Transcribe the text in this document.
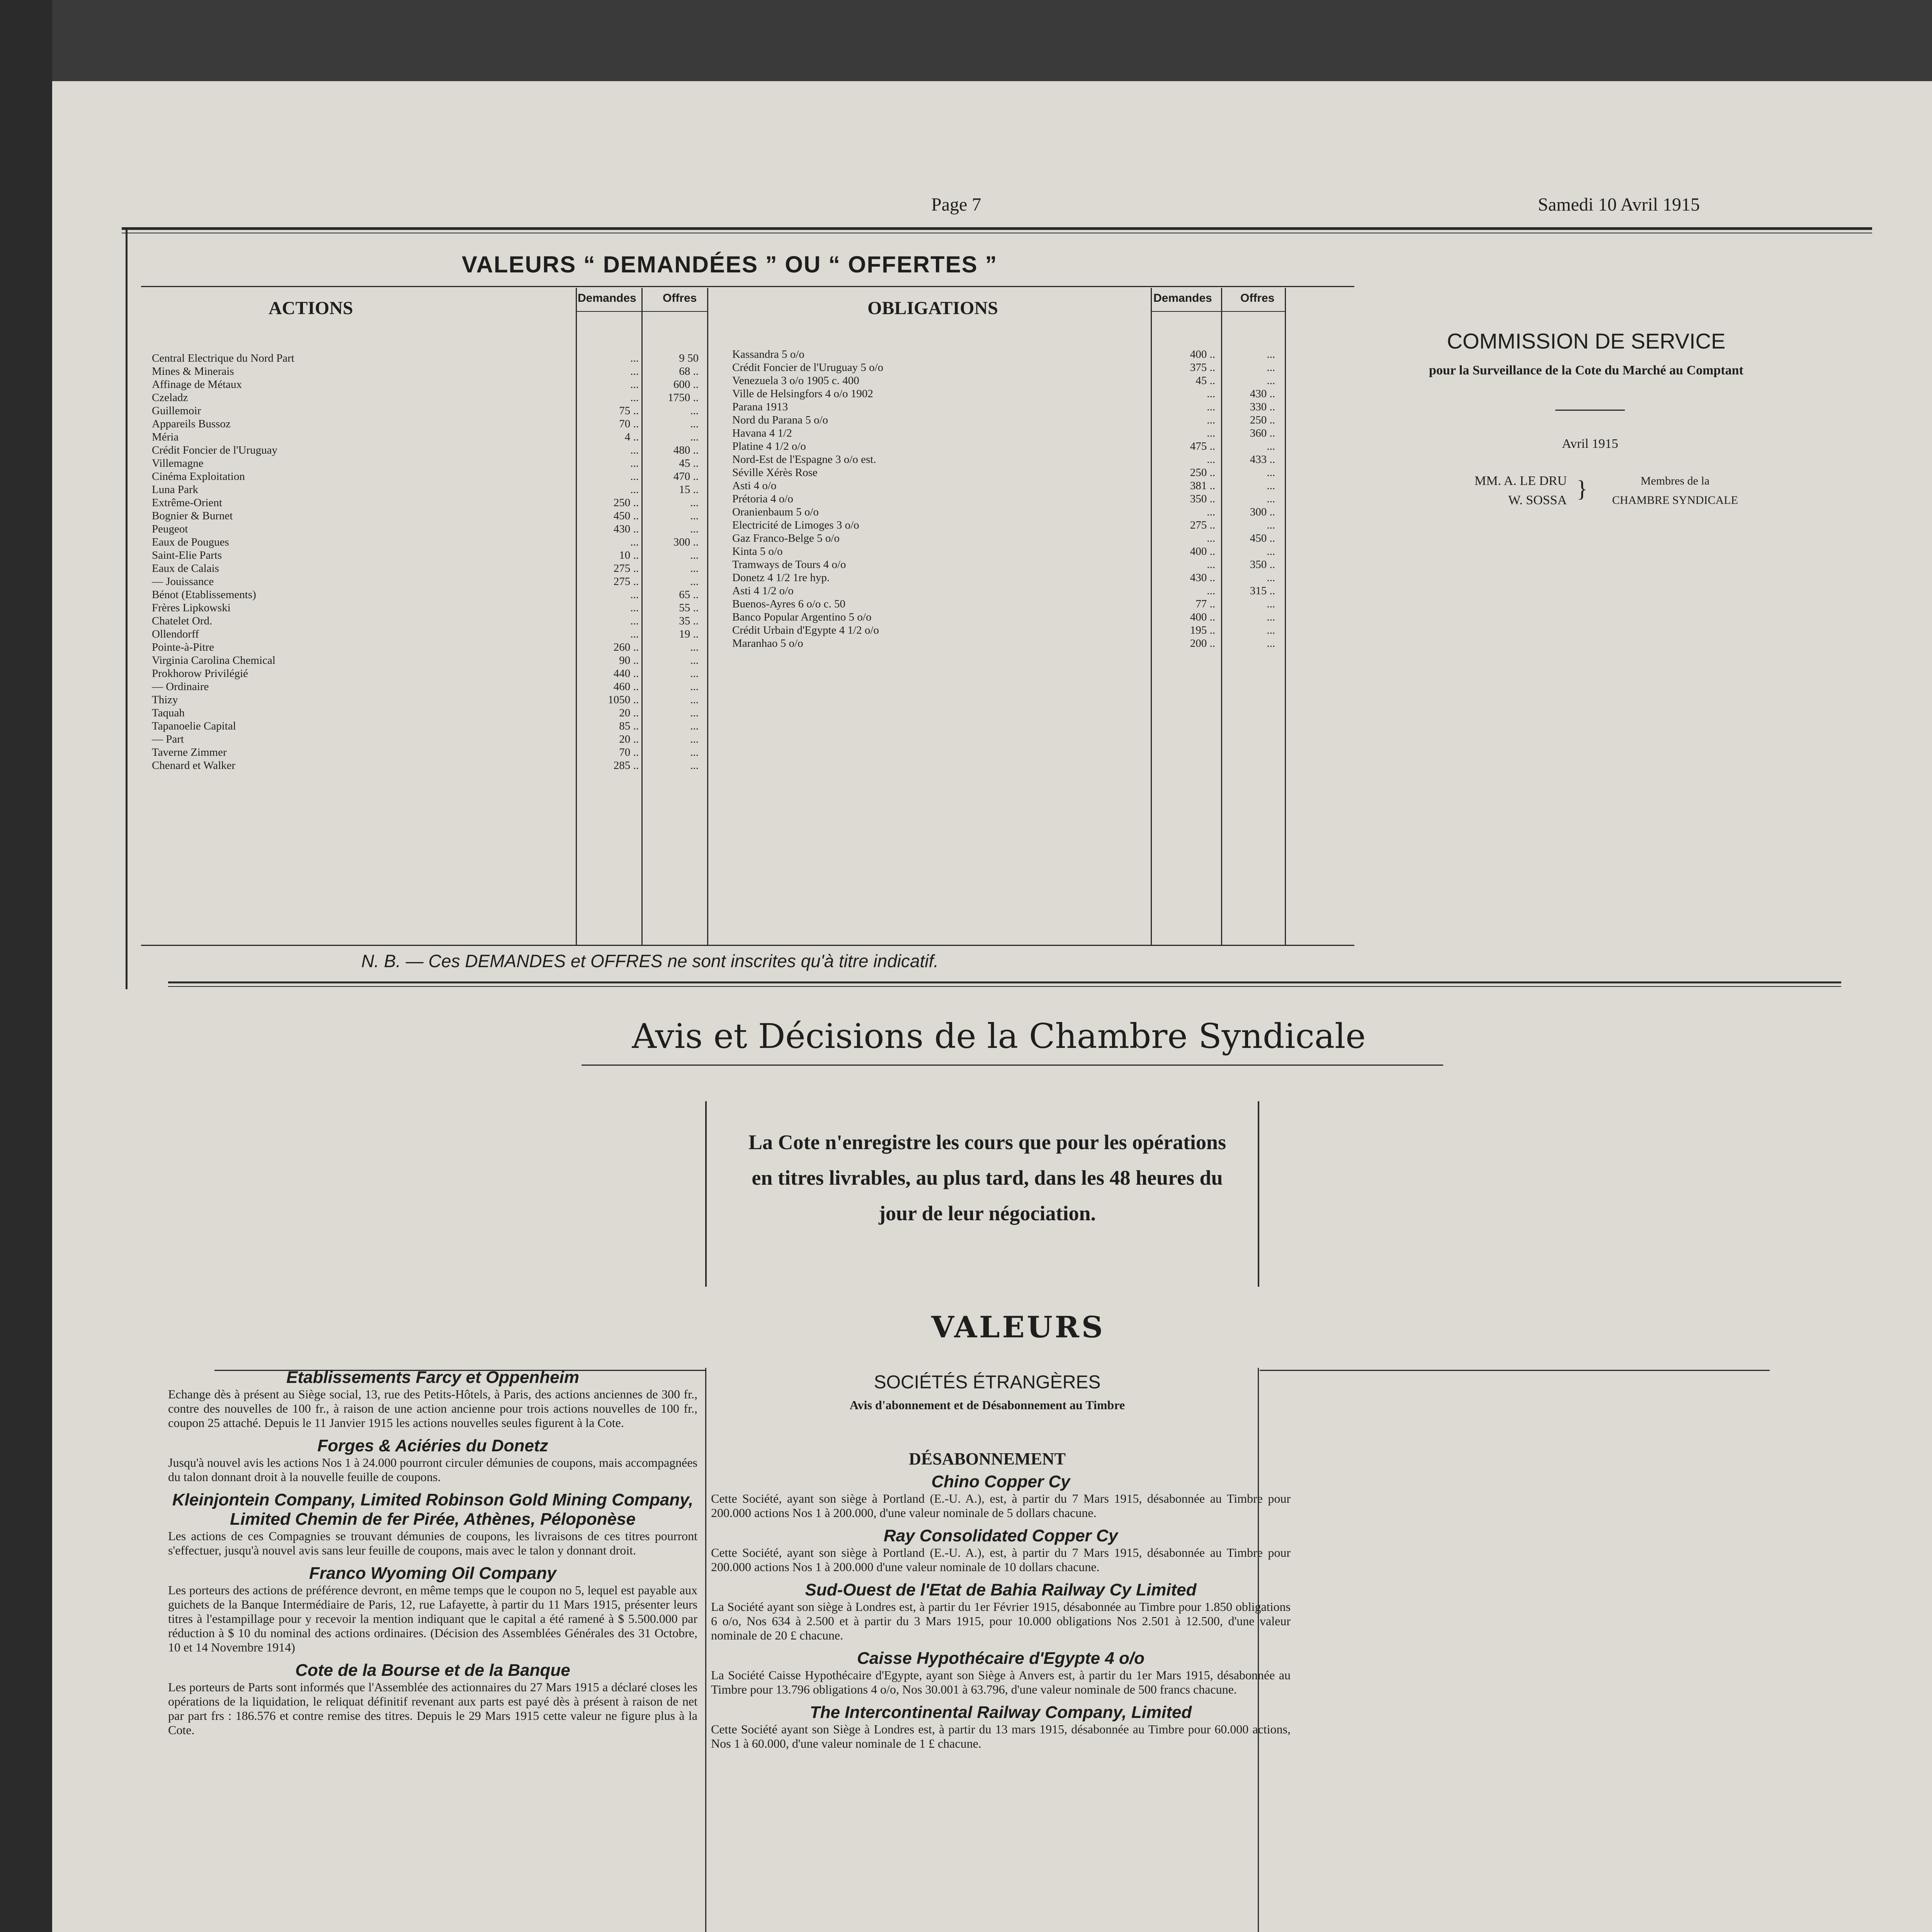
Page 7	Samedi 10 Avril 1915
VALEURS “ DEMANDÉES ” OU “ OFFERTES ”
ACTIONS	Demandes Offres
Central Electrique du Nord Part	...	9 50
Mines & Minerais	...	68 ..
Affinage de Métaux	...	600 ..
Czeladz	...	1750 ..
Guillemoir	75 ..	...
Appareils Bussoz	70 ..	...
Méria	4 ..	...
Crédit Foncier de l'Uruguay	...	480 ..
Villemagne	...	45 ..
Cinéma Exploitation	...	470 ..
Luna Park	...	15 ..
Extrême-Orient	250 ..	...
Bognier & Burnet	450 ..	...
Peugeot	430 ..	...
Eaux de Pougues	...	300 ..
Saint-Elie Parts	10 ..	...
Eaux de Calais	275 ..	...
— Jouissance	275 ..	...
Bénot (Etablissements)	...	65 ..
Frères Lipkowski	...	55 ..
Chatelet Ord.	...	35 ..
Ollendorff	...	19 ..
Pointe-à-Pitre	260 ..	...
Virginia Carolina Chemical	90 ..	...
Prokhorow Privilégié	440 ..	...
— Ordinaire	460 ..	...
Thizy	1050 ..	...
Taquah	20 ..	...
Tapanoelie Capital	85 ..	...
— Part	20 ..	...
Taverne Zimmer	70 ..	...
Chenard et Walker	285 ..	...
OBLIGATIONS	Demandes Offres
Kassandra 5 o/o	400 ..	...
Crédit Foncier de l'Uruguay 5 o/o	375 ..	...
Venezuela 3 o/o 1905 c. 400	45 ..	...
Ville de Helsingfors 4 o/o 1902	...	430 ..
Parana 1913	...	330 ..
Nord du Parana 5 o/o	...	250 ..
Havana 4 1/2	...	360 ..
Platine 4 1/2 o/o	475 ..	...
Nord-Est de l'Espagne 3 o/o est.	...	433 ..
Séville Xérès Rose	250 ..	...
Asti 4 o/o	381 ..	...
Prétoria 4 o/o	350 ..	...
Oranienbaum 5 o/o	...	300 ..
Electricité de Limoges 3 o/o	275 ..	...
Gaz Franco-Belge 5 o/o	...	450 ..
Kinta 5 o/o	400 ..	...
Tramways de Tours 4 o/o	...	350 ..
Donetz 4 1/2 1re hyp.	430 ..	...
Asti 4 1/2 o/o	...	315 ..
Buenos-Ayres 6 o/o c. 50	77 ..	...
Banco Popular Argentino 5 o/o	400 ..	...
Crédit Urbain d'Egypte 4 1/2 o/o	195 ..	...
Maranhao 5 o/o	200 ..	...
COMMISSION DE SERVICE
pour la Surveillance de la Cote du Marché au Comptant
Avril 1915
MM. A. LE DRU
W. SOSSA }	Membres de la
CHAMBRE SYNDICALE
N. B. — Ces DEMANDES et OFFRES ne sont inscrites qu'à titre indicatif.
Avis et Décisions de la Chambre Syndicale
La Cote n'enregistre les cours que pour les opérations en titres livrables, au plus tard, dans les 48 heures du jour de leur négociation.
VALEURS
Etablissements Farcy et Oppenheim
Echange dès à présent au Siège social, 13, rue des Petits-Hôtels, à Paris, des actions anciennes de 300 fr., contre des nouvelles de 100 fr., à raison de une action ancienne pour trois actions nouvelles de 100 fr., coupon 25 attaché. Depuis le 11 Janvier 1915 les actions nouvelles seules figurent à la Cote.
Forges & Aciéries du Donetz
Jusqu'à nouvel avis les actions Nos 1 à 24.000 pourront circuler démunies de coupons, mais accompagnées du talon donnant droit à la nouvelle feuille de coupons.
Kleinjontein Company, Limited Robinson Gold Mining Company, Limited Chemin de fer Pirée, Athènes, Péloponèse
Les actions de ces Compagnies se trouvant démunies de coupons, les livraisons de ces titres pourront s'effectuer, jusqu'à nouvel avis sans leur feuille de coupons, mais avec le talon y donnant droit.
Franco Wyoming Oil Company
Les porteurs des actions de préférence devront, en même temps que le coupon no 5, lequel est payable aux guichets de la Banque Intermédiaire de Paris, 12, rue Lafayette, à partir du 11 Mars 1915, présenter leurs titres à l'estampillage pour y recevoir la mention indiquant que le capital a été ramené à $ 5.500.000 par réduction à $ 10 du nominal des actions ordinaires. (Décision des Assemblées Générales des 31 Octobre, 10 et 14 Novembre 1914)
Cote de la Bourse et de la Banque
Les porteurs de Parts sont informés que l'Assemblée des actionnaires du 27 Mars 1915 a déclaré closes les opérations de la liquidation, le reliquat définitif revenant aux parts est payé dès à présent à raison de net par part frs : 186.576 et contre remise des titres. Depuis le 29 Mars 1915 cette valeur ne figure plus à la Cote.
SOCIÉTÉS ÉTRANGÈRES
Avis d'abonnement et de Désabonnement au Timbre
DÉSABONNEMENT
Chino Copper Cy
Cette Société, ayant son siège à Portland (E.-U. A.), est, à partir du 7 Mars 1915, désabonnée au Timbre pour 200.000 actions Nos 1 à 200.000, d'une valeur nominale de 5 dollars chacune.
Ray Consolidated Copper Cy
Cette Société, ayant son siège à Portland (E.-U. A.), est, à partir du 7 Mars 1915, désabonnée au Timbre pour 200.000 actions Nos 1 à 200.000 d'une valeur nominale de 10 dollars chacune.
Sud-Ouest de l'Etat de Bahia Railway Cy Limited
La Société ayant son siège à Londres est, à partir du 1er Février 1915, désabonnée au Timbre pour 1.850 obligations 6 o/o, Nos 634 à 2.500 et à partir du 3 Mars 1915, pour 10.000 obligations Nos 2.501 à 12.500, d'une valeur nominale de 20 £ chacune.
Caisse Hypothécaire d'Egypte 4 o/o
La Société Caisse Hypothécaire d'Egypte, ayant son Siège à Anvers est, à partir du 1er Mars 1915, désabonnée au Timbre pour 13.796 obligations 4 o/o, Nos 30.001 à 63.796, d'une valeur nominale de 500 francs chacune.
The Intercontinental Railway Company, Limited
Cette Société ayant son Siège à Londres est, à partir du 13 mars 1915, désabonnée au Timbre pour 60.000 actions, Nos 1 à 60.000, d'une valeur nominale de 1 £ chacune.
